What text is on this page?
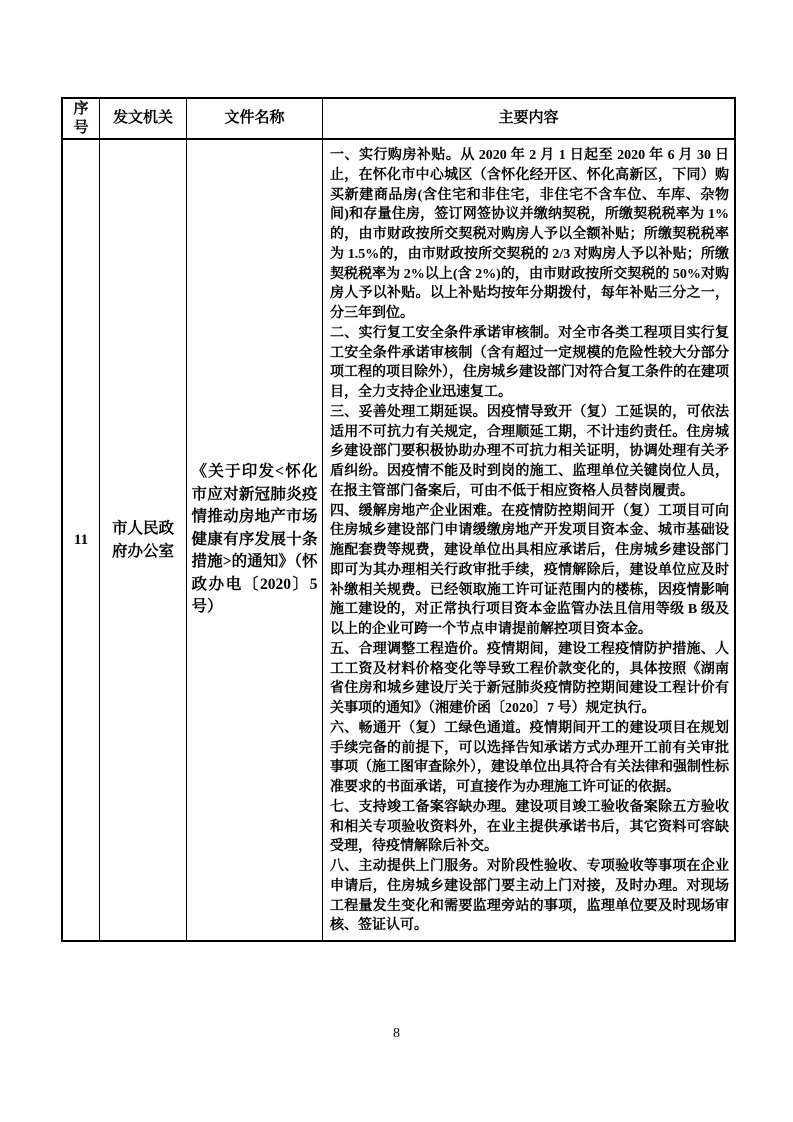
序号
发文机关	文件名称	主要内容
11
市人民政府办公室
《关于印发<怀化市应对新冠肺炎疫情推动房地产市场健康有序发展十条措施>的通知》（怀政办电〔2020〕5 号）

一、实行购房补贴。从 2020 年 2 月 1 日起至 2020 年 6 月 30 日止，在怀化市中心城区（含怀化经开区、怀化高新区，下同）购买新建商品房(含住宅和非住宅，非住宅不含车位、车库、杂物间)和存量住房，签订网签协议并缴纳契税，所缴契税税率为 1%的，由市财政按所交契税对购房人予以全额补贴；所缴契税税率为 1.5%的，由市财政按所交契税的 2/3 对购房人予以补贴；所缴契税税率为 2%以上(含 2%)的，由市财政按所交契税的 50%对购房人予以补贴。以上补贴均按年分期拨付，每年补贴三分之一，分三年到位。

二、实行复工安全条件承诺审核制。对全市各类工程项目实行复工安全条件承诺审核制（含有超过一定规模的危险性较大分部分项工程的项目除外），住房城乡建设部门对符合复工条件的在建项目，全力支持企业迅速复工。

三、妥善处理工期延误。因疫情导致开（复）工延误的，可依法适用不可抗力有关规定，合理顺延工期，不计违约责任。住房城乡建设部门要积极协助办理不可抗力相关证明，协调处理有关矛盾纠纷。因疫情不能及时到岗的施工、监理单位关键岗位人员，在报主管部门备案后，可由不低于相应资格人员替岗履责。

四、缓解房地产企业困难。在疫情防控期间开（复）工项目可向住房城乡建设部门申请缓缴房地产开发项目资本金、城市基础设施配套费等规费，建设单位出具相应承诺后，住房城乡建设部门即可为其办理相关行政审批手续，疫情解除后，建设单位应及时补缴相关规费。已经领取施工许可证范围内的楼栋，因疫情影响施工建设的，对正常执行项目资本金监管办法且信用等级 B 级及以上的企业可跨一个节点申请提前解控项目资本金。

五、合理调整工程造价。疫情期间，建设工程疫情防护措施、人工工资及材料价格变化等导致工程价款变化的，具体按照《湖南省住房和城乡建设厅关于新冠肺炎疫情防控期间建设工程计价有关事项的通知》（湘建价函〔2020〕7 号）规定执行。

六、畅通开（复）工绿色通道。疫情期间开工的建设项目在规划手续完备的前提下，可以选择告知承诺方式办理开工前有关审批事项（施工图审查除外），建设单位出具符合有关法律和强制性标准要求的书面承诺，可直接作为办理施工许可证的依据。

七、支持竣工备案容缺办理。建设项目竣工验收备案除五方验收和相关专项验收资料外，在业主提供承诺书后，其它资料可容缺受理，待疫情解除后补交。

八、主动提供上门服务。对阶段性验收、专项验收等事项在企业申请后，住房城乡建设部门要主动上门对接，及时办理。对现场工程量发生变化和需要监理旁站的事项，监理单位要及时现场审核、签证认可。

8
